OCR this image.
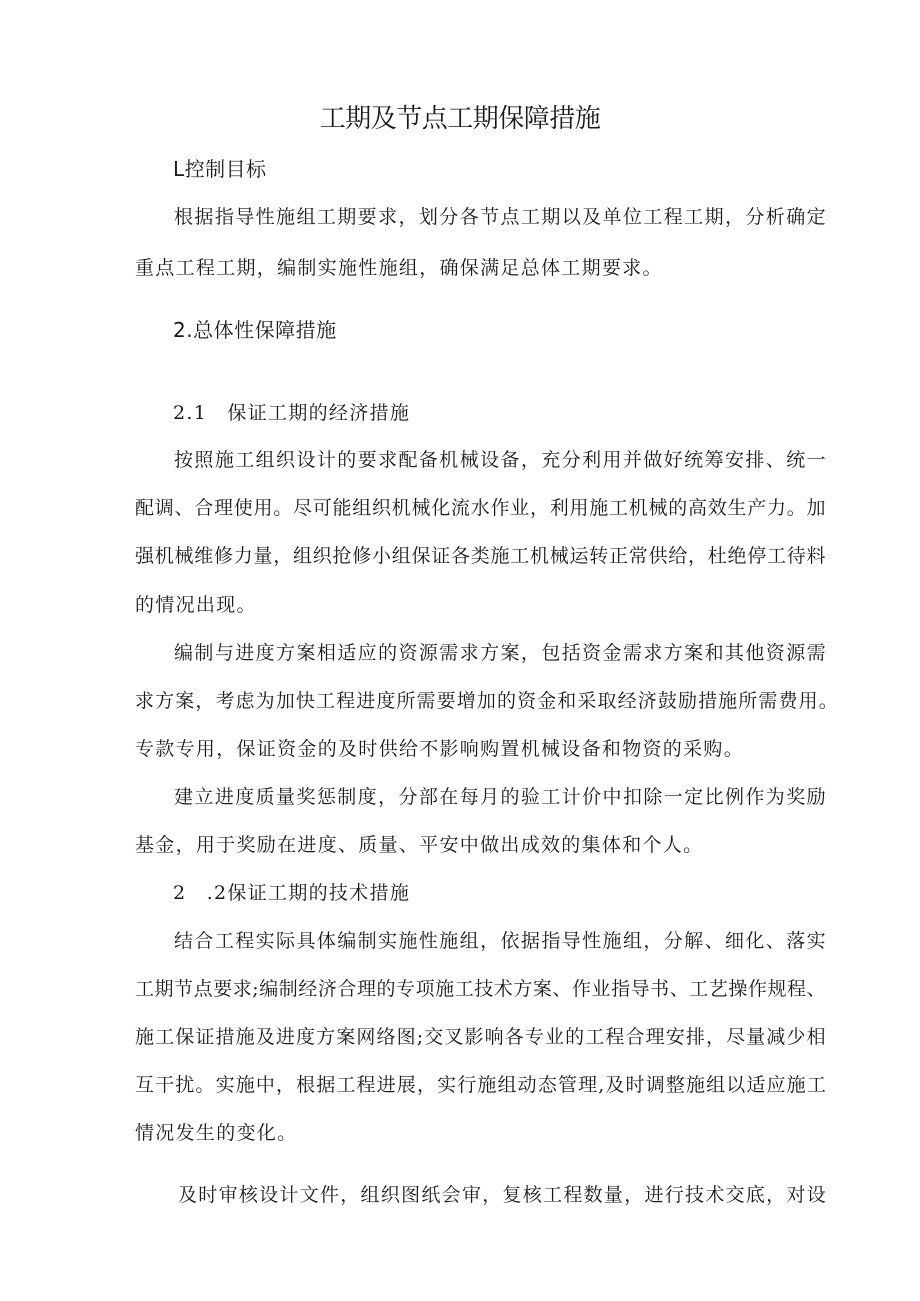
工期及节点工期保障措施

L控制目标

根 据 指 导 性 施 组 工 期 要 求 ， 划 分 各 节 点 工 期 以 及 单 位 工 程 工 期 ， 分 析 确 定

重点工程工期，编制实施性施组，确保满足总体工期要求。

2.总体性保障措施

2.1　保证工期的经济措施

按 照 施 工 组 织 设 计 的 要 求 配 备 机 械 设 备 ， 充 分 利 用 并 做 好 统 筹 安 排 、 统 一

配 调 、 合 理 使 用 。 尽 可 能 组 织 机 械 化 流 水 作 业 ， 利 用 施 工 机 械 的 高 效 生 产 力 。 加

强 机 械 维 修 力 量 ， 组 织 抢 修 小 组 保 证 各 类 施 工 机 械 运 转 正 常 供 给 ， 杜 绝 停 工 待 料

的情况出现。

编 制 与 进 度 方 案 相 适 应 的 资 源 需 求 方 案 ， 包 括 资 金 需 求 方 案 和 其 他 资 源 需

求 方 案 ， 考 虑 为 加 快 工 程 进 度 所 需 要 增 加 的 资 金 和 采 取 经 济 鼓 励 措 施 所 需 费 用 。

专款专用，保证资金的及时供给不影响购置机械设备和物资的采购。

建 立 进 度 质 量 奖 惩 制 度 ， 分 部 在 每 月 的 验 工 计 价 中 扣 除 一 定 比 例 作 为 奖 励

基金，用于奖励在进度、质量、平安中做出成效的集体和个人。

2　.2保证工期的技术措施

结 合 工 程 实 际 具 体 编 制 实 施 性 施 组 ， 依 据 指 导 性 施 组 ， 分 解 、 细 化 、 落 实

工 期 节 点 要 求 ; 编 制 经 济 合 理 的 专 项 施 工 技 术 方 案 、 作 业 指 导 书 、 工 艺 操 作 规 程 、

施 工 保 证 措 施 及 进 度 方 案 网 络 图 ; 交 叉 影 响 各 专 业 的 工 程 合 理 安 排 ， 尽 量 减 少 相

互 干 扰 。 实 施 中 ， 根 据 工 程 进 展 ， 实 行 施 组 动 态 管 理 , 及 时 调 整 施 组 以 适 应 施 工

情况发生的变化。

及 时 审 核 设 计 文 件 ， 组 织 图 纸 会 审 ， 复 核 工 程 数 量 ， 进 行 技 术 交 底 ， 对 设
